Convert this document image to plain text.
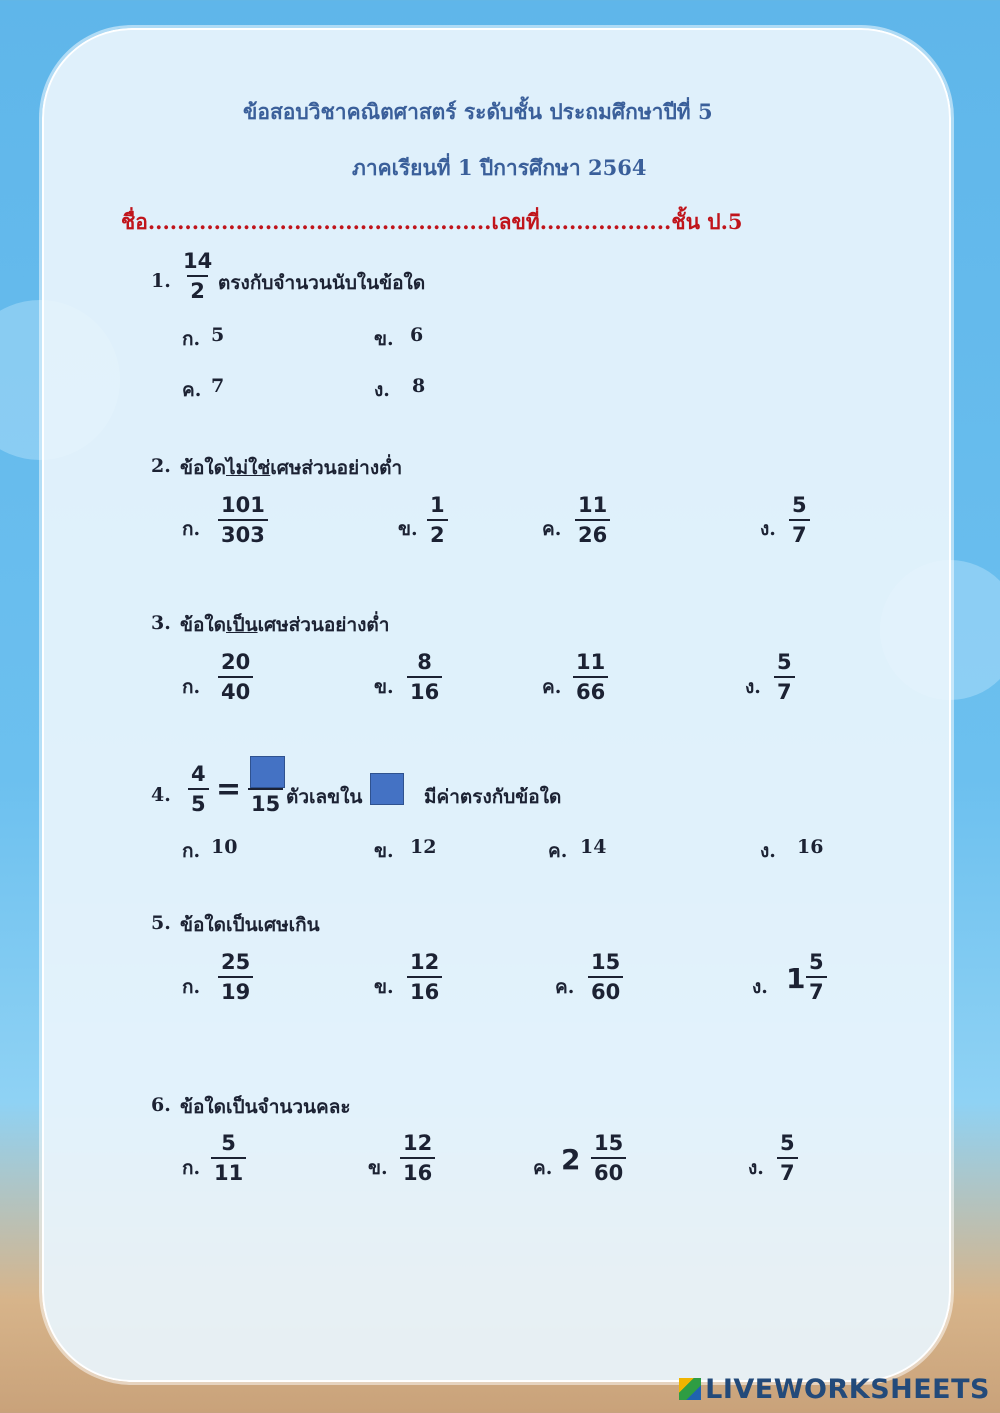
ข้อสอบวิชาคณิตศาสตร์ ระดับชั้น ประถมศึกษาปีที่ 5
ภาคเรียนที่ 1 ปีการศึกษา 2564
ชื่อ...............................................เลขที่..................ชั้น ป.5
1. $\frac{14}{2}$ ตรงกับจำนวนนับในข้อใด
ก. 5	ข. 6
ค. 7	ง. 8
2. ข้อใดไม่ใช่เศษส่วนอย่างต่ำ
ก. $\frac{101}{303}$	ข. $\frac{1}{2}$	ค. $\frac{11}{26}$	ง. $\frac{5}{7}$
3. ข้อใดเป็นเศษส่วนอย่างต่ำ
ก. $\frac{20}{40}$	ข. $\frac{8}{16}$	ค. $\frac{11}{66}$	ง. $\frac{5}{7}$
4. $\frac{4}{5} = 15$ ตัวเลขใน	มีค่าตรงกับข้อใด
ก. 10	ข. 12	ค. 14	ง. 16
5. ข้อใดเป็นเศษเกิน
ก. $\frac{25}{19}$	ข. $\frac{12}{16}$	ค. $\frac{15}{60}$	ง. $1 \frac{5}{7}$
6. ข้อใดเป็นจำนวนคละ
ก. $\frac{5}{11}$	ข. $\frac{12}{16}$	ค. $2 \frac{15}{60}$	ง. $\frac{5}{7}$
LIVEWORKSHEETS
